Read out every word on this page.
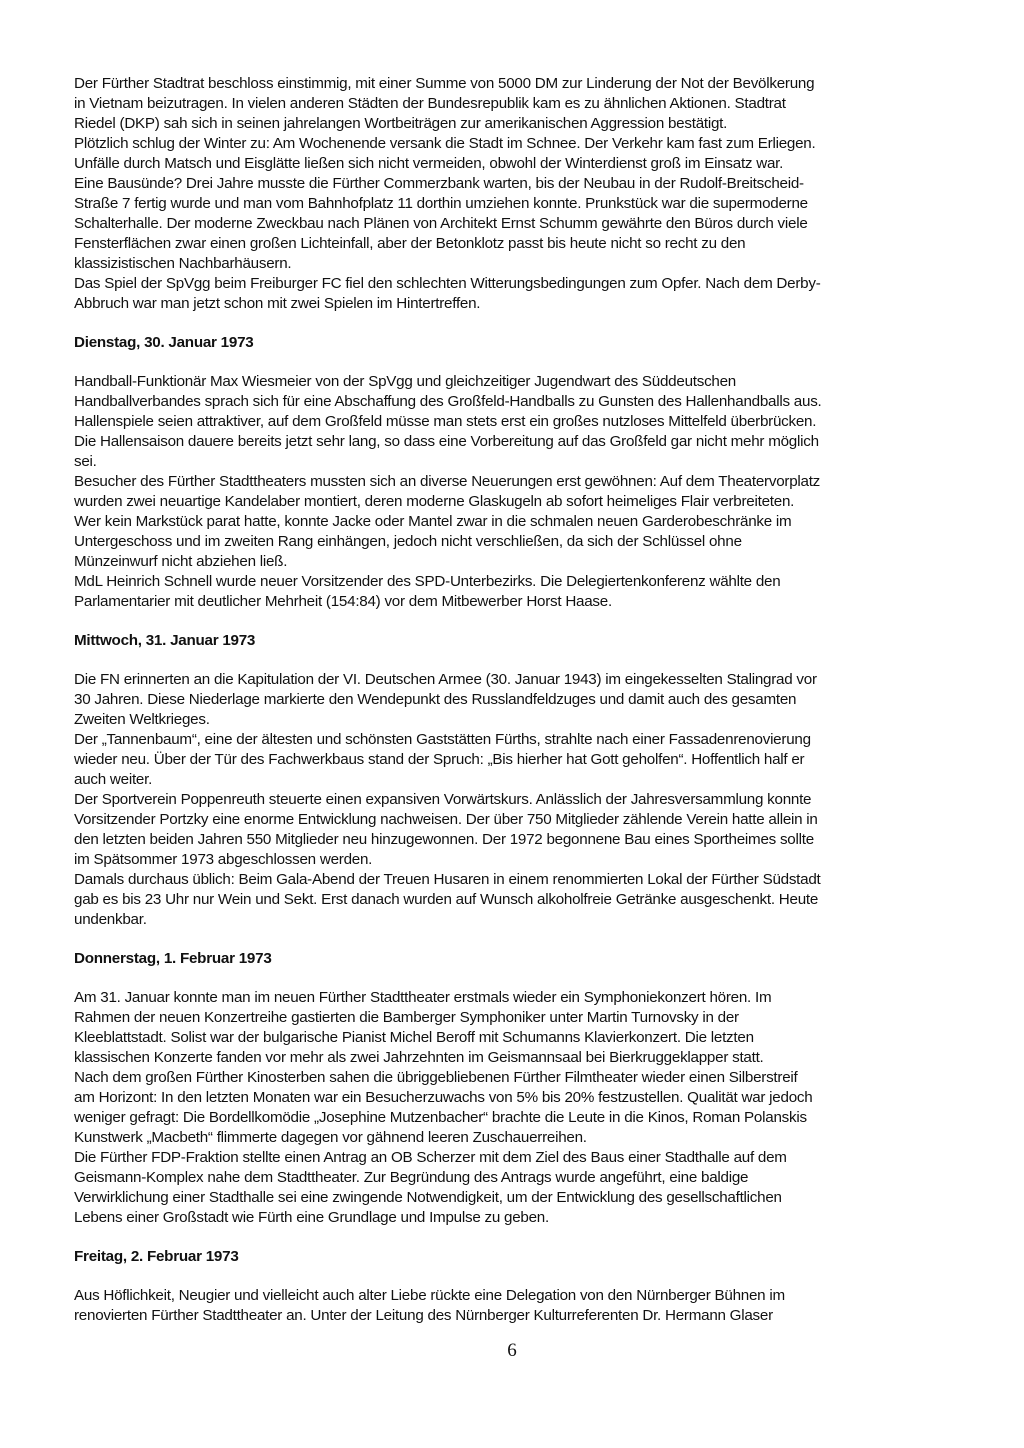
Der Fürther Stadtrat beschloss einstimmig, mit einer Summe von 5000 DM zur Linderung der Not der Bevölkerung
in Vietnam beizutragen. In vielen anderen Städten der Bundesrepublik kam es zu ähnlichen Aktionen. Stadtrat
Riedel (DKP) sah sich in seinen jahrelangen Wortbeiträgen zur amerikanischen Aggression bestätigt.
Plötzlich schlug der Winter zu: Am Wochenende versank die Stadt im Schnee. Der Verkehr kam fast zum Erliegen.
Unfälle durch Matsch und Eisglätte ließen sich nicht vermeiden, obwohl der Winterdienst groß im Einsatz war.
Eine Bausünde? Drei Jahre musste die Fürther Commerzbank warten, bis der Neubau in der Rudolf-Breitscheid-
Straße 7 fertig wurde und man vom Bahnhofplatz 11 dorthin umziehen konnte. Prunkstück war die supermoderne
Schalterhalle. Der moderne Zweckbau nach Plänen von Architekt Ernst Schumm gewährte den Büros durch viele
Fensterflächen zwar einen großen Lichteinfall, aber der Betonklotz passt bis heute nicht so recht zu den
klassizistischen Nachbarhäusern.
Das Spiel der SpVgg beim Freiburger FC fiel den schlechten Witterungsbedingungen zum Opfer. Nach dem Derby-
Abbruch war man jetzt schon mit zwei Spielen im Hintertreffen.
Dienstag, 30. Januar 1973
Handball-Funktionär Max Wiesmeier von der SpVgg und gleichzeitiger Jugendwart des Süddeutschen
Handballverbandes sprach sich für eine Abschaffung des Großfeld-Handballs zu Gunsten des Hallenhandballs aus.
Hallenspiele seien attraktiver, auf dem Großfeld müsse man stets erst ein großes nutzloses Mittelfeld überbrücken.
Die Hallensaison dauere bereits jetzt sehr lang, so dass eine Vorbereitung auf das Großfeld gar nicht mehr möglich
sei.
Besucher des Fürther Stadttheaters mussten sich an diverse Neuerungen erst gewöhnen: Auf dem Theatervorplatz
wurden zwei neuartige Kandelaber montiert, deren moderne Glaskugeln ab sofort heimeliges Flair verbreiteten.
Wer kein Markstück parat hatte, konnte Jacke oder Mantel zwar in die schmalen neuen Garderobeschränke im
Untergeschoss und im zweiten Rang einhängen, jedoch nicht verschließen, da sich der Schlüssel ohne
Münzeinwurf nicht abziehen ließ.
MdL Heinrich Schnell wurde neuer Vorsitzender des SPD-Unterbezirks. Die Delegiertenkonferenz wählte den
Parlamentarier mit deutlicher Mehrheit (154:84) vor dem Mitbewerber Horst Haase.
Mittwoch, 31. Januar 1973
Die FN erinnerten an die Kapitulation der VI. Deutschen Armee (30. Januar 1943) im eingekesselten Stalingrad vor
30 Jahren. Diese Niederlage markierte den Wendepunkt des Russlandfeldzuges und damit auch des gesamten
Zweiten Weltkrieges.
Der „Tannenbaum“, eine der ältesten und schönsten Gaststätten Fürths, strahlte nach einer Fassadenrenovierung
wieder neu. Über der Tür des Fachwerkbaus stand der Spruch: „Bis hierher hat Gott geholfen“. Hoffentlich half er
auch weiter.
Der Sportverein Poppenreuth steuerte einen expansiven Vorwärtskurs. Anlässlich der Jahresversammlung konnte
Vorsitzender Portzky eine enorme Entwicklung nachweisen. Der über 750 Mitglieder zählende Verein hatte allein in
den letzten beiden Jahren 550 Mitglieder neu hinzugewonnen. Der 1972 begonnene Bau eines Sportheimes sollte
im Spätsommer 1973 abgeschlossen werden.
Damals durchaus üblich: Beim Gala-Abend der Treuen Husaren in einem renommierten Lokal der Fürther Südstadt
gab es bis 23 Uhr nur Wein und Sekt. Erst danach wurden auf Wunsch alkoholfreie Getränke ausgeschenkt. Heute
undenkbar.
Donnerstag, 1. Februar 1973
Am 31. Januar konnte man im neuen Fürther Stadttheater erstmals wieder ein Symphoniekonzert hören. Im
Rahmen der neuen Konzertreihe gastierten die Bamberger Symphoniker unter Martin Turnovsky in der
Kleeblattstadt. Solist war der bulgarische Pianist Michel Beroff mit Schumanns Klavierkonzert. Die letzten
klassischen Konzerte fanden vor mehr als zwei Jahrzehnten im Geismannsaal bei Bierkruggeklapper statt.
Nach dem großen Fürther Kinosterben sahen die übriggebliebenen Fürther Filmtheater wieder einen Silberstreif
am Horizont: In den letzten Monaten war ein Besucherzuwachs von 5% bis 20% festzustellen. Qualität war jedoch
weniger gefragt: Die Bordellkomödie „Josephine Mutzenbacher“ brachte die Leute in die Kinos, Roman Polanskis
Kunstwerk „Macbeth“ flimmerte dagegen vor gähnend leeren Zuschauerreihen.
Die Fürther FDP-Fraktion stellte einen Antrag an OB Scherzer mit dem Ziel des Baus einer Stadthalle auf dem
Geismann-Komplex nahe dem Stadttheater. Zur Begründung des Antrags wurde angeführt, eine baldige
Verwirklichung einer Stadthalle sei eine zwingende Notwendigkeit, um der Entwicklung des gesellschaftlichen
Lebens einer Großstadt wie Fürth eine Grundlage und Impulse zu geben.
Freitag, 2. Februar 1973
Aus Höflichkeit, Neugier und vielleicht auch alter Liebe rückte eine Delegation von den Nürnberger Bühnen im
renovierten Fürther Stadttheater an. Unter der Leitung des Nürnberger Kulturreferenten Dr. Hermann Glaser
6
